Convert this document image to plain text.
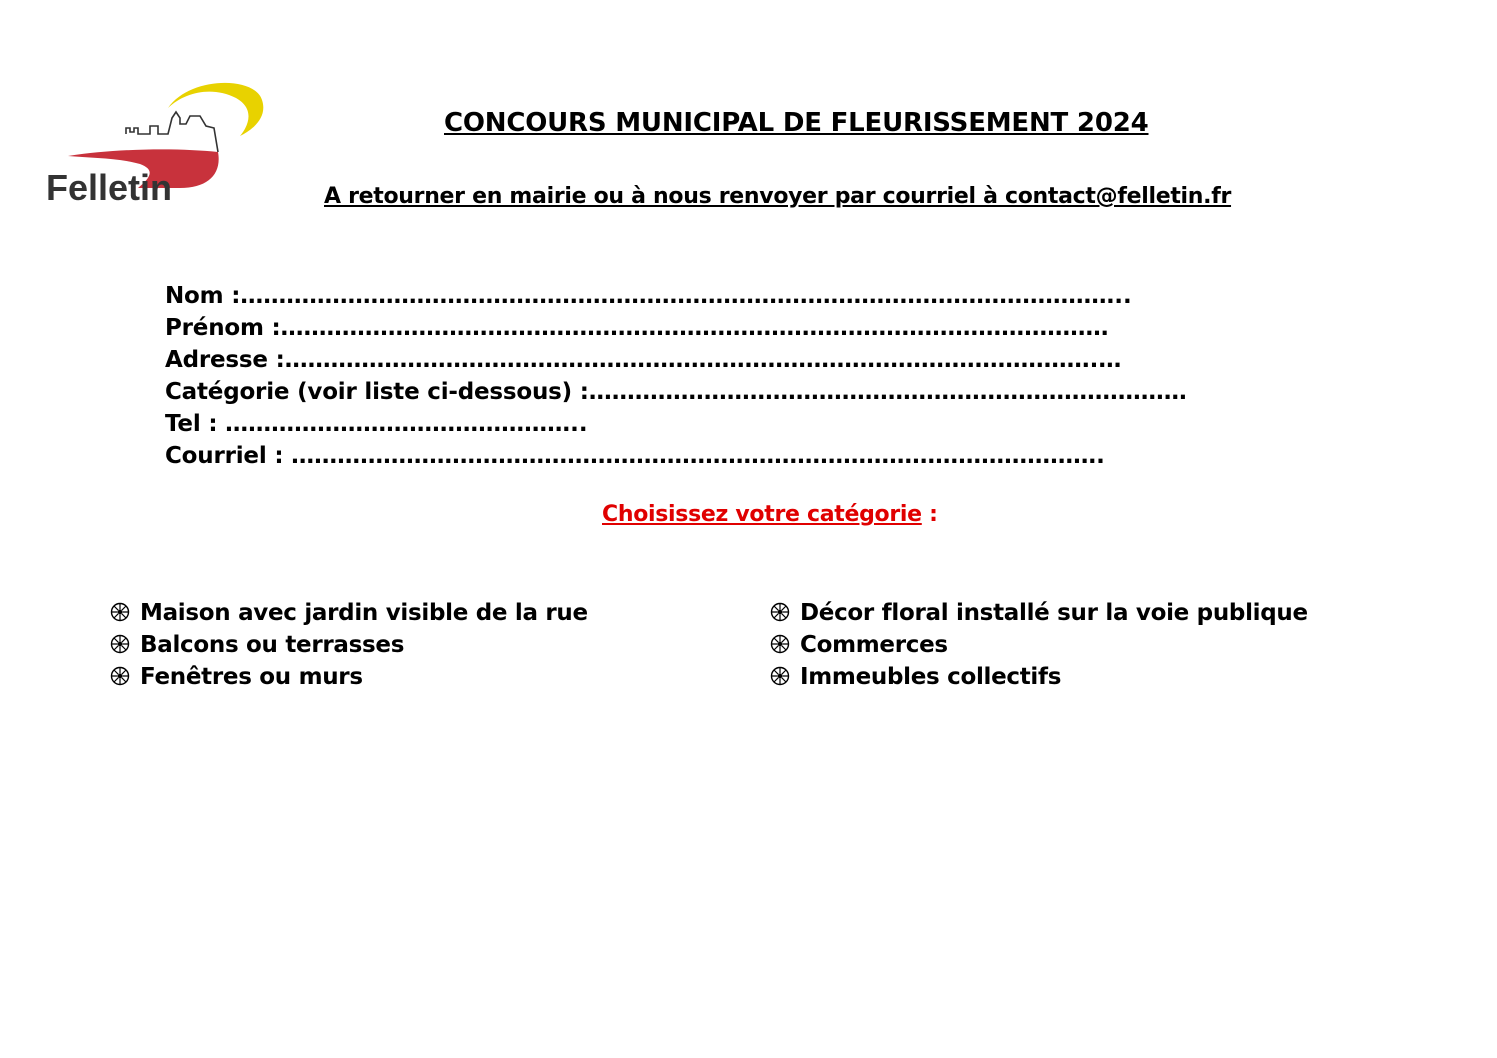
Felletin
CONCOURS MUNICIPAL DE FLEURISSEMENT 2024
A retourner en mairie ou à nous renvoyer par courriel à contact@felletin.fr
Nom :……………………………………………………………………………………………………..
Prénom :………………………………………………………………………………………………
Adresse :…………………………………………………………………………………………….…
Catégorie (voir liste ci-dessous) :……………………………………………………………………
Tel : ………………………………………..
Courriel : …………………………………………………………………………………………….
Choisissez votre catégorie :
Maison avec jardin visible de la rue
Balcons ou terrasses
Fenêtres ou murs
Décor floral installé sur la voie publique
Commerces
Immeubles collectifs
